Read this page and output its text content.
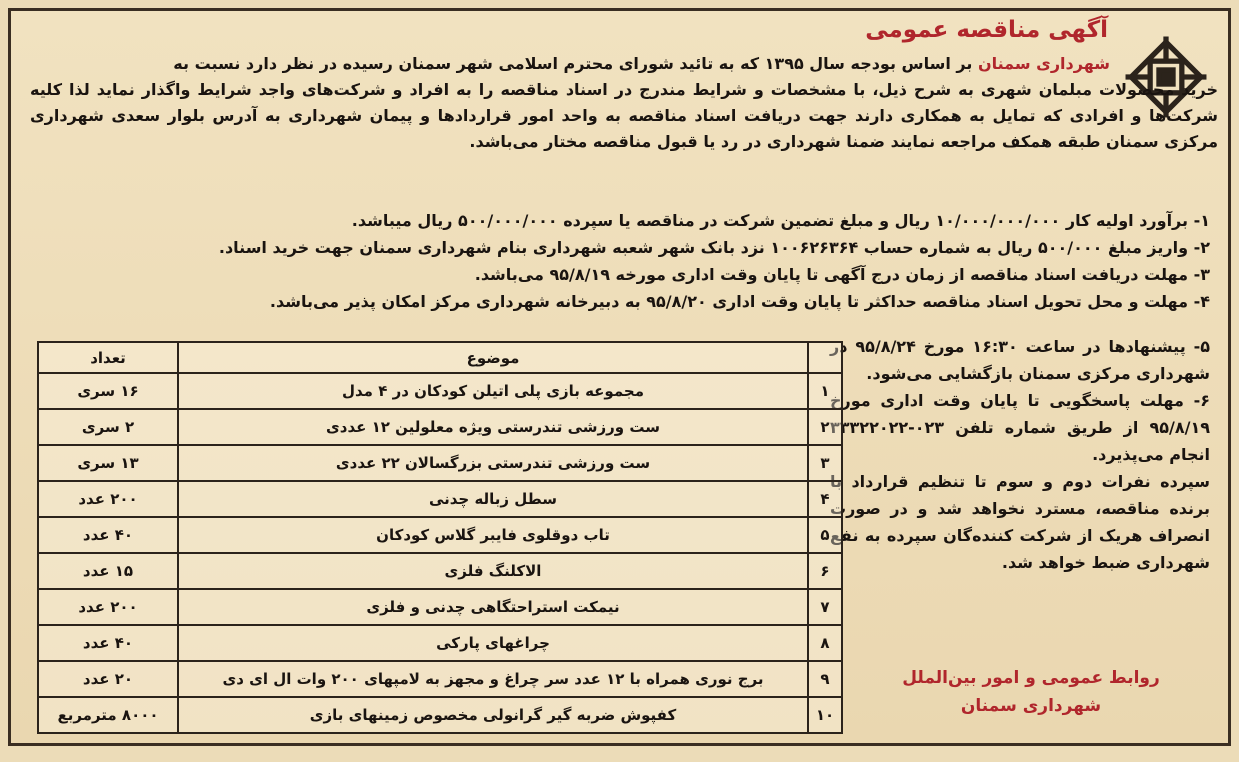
آگهی مناقصه عمومی

شهرداری سمنان بر اساس بودجه سال ۱۳۹۵ که به تائید شورای محترم اسلامی شهر سمنان رسیده در نظر دارد نسبت به
خرید محصولات مبلمان شهری به شرح ذیل، با مشخصات و شرایط مندرج در اسناد مناقصه را به افراد و شرکت‌های واجد شرایط واگذار نماید لذا کلیه شرکت‌ها و افرادی که تمایل به همکاری دارند جهت دریافت اسناد مناقصه به واحد امور قراردادها و پیمان شهرداری به آدرس بلوار سعدی شهرداری مرکزی سمنان طبقه همکف مراجعه نمایند ضمنا شهرداری در رد یا قبول مناقصه مختار می‌باشد.

۱- برآورد اولیه کار ۱۰/۰۰۰/۰۰۰/۰۰۰ ریال و مبلغ تضمین شرکت در مناقصه یا سپرده ۵۰۰/۰۰۰/۰۰۰ ریال میباشد.
۲- واریز مبلغ ۵۰۰/۰۰۰ ریال به شماره حساب ۱۰۰۶۲۶۳۶۴ نزد بانک شهر شعبه شهرداری بنام شهرداری سمنان جهت خرید اسناد.
۳- مهلت دریافت اسناد مناقصه از زمان درج آگهی تا پایان وقت اداری مورخه ۹۵/۸/۱۹ می‌باشد.
۴- مهلت و محل تحویل اسناد مناقصه حداکثر تا پایان وقت اداری ۹۵/۸/۲۰ به دبیرخانه شهرداری مرکز امکان پذیر می‌باشد.

۵- پیشنهادها در ساعت ۱۶:۳۰ مورخ ۹۵/۸/۲۴ در شهرداری مرکزی سمنان بازگشایی می‌شود.

۶- مهلت پاسخگویی تا پایان وقت اداری مورخ ۹۵/۸/۱۹ از طریق شماره تلفن ۰۲۳-۳۳۳۲۲۰۲۲ انجام می‌پذیرد.

سپرده نفرات دوم و سوم تا تنظیم قرارداد با برنده مناقصه، مسترد نخواهد شد و در صورت انصراف هریک از شرکت کننده‌گان سپرده به نفع شهرداری ضبط خواهد شد.

روابط عمومی و امور بین‌الملل
شهرداری سمنان
	موضوع	تعداد
۱	مجموعه بازی پلی اتیلن کودکان در ۴ مدل	۱۶ سری
۲	ست ورزشی تندرستی ویژه معلولین ۱۲ عددی	۲ سری
۳	ست ورزشی تندرستی بزرگسالان ۲۲ عددی	۱۳ سری
۴	سطل زباله چدنی	۲۰۰ عدد
۵	تاب دوقلوی فایبر گلاس کودکان	۴۰ عدد
۶	الاکلنگ فلزی	۱۵ عدد
۷	نیمکت استراحتگاهی چدنی و فلزی	۲۰۰ عدد
۸	چراغهای پارکی	۴۰ عدد
۹	برج نوری همراه با ۱۲ عدد سر چراغ و مجهز به لامپهای ۲۰۰ وات ال ای دی	۲۰ عدد
۱۰	کفپوش ضربه گیر گرانولی مخصوص زمینهای بازی	۸۰۰۰ مترمربع
